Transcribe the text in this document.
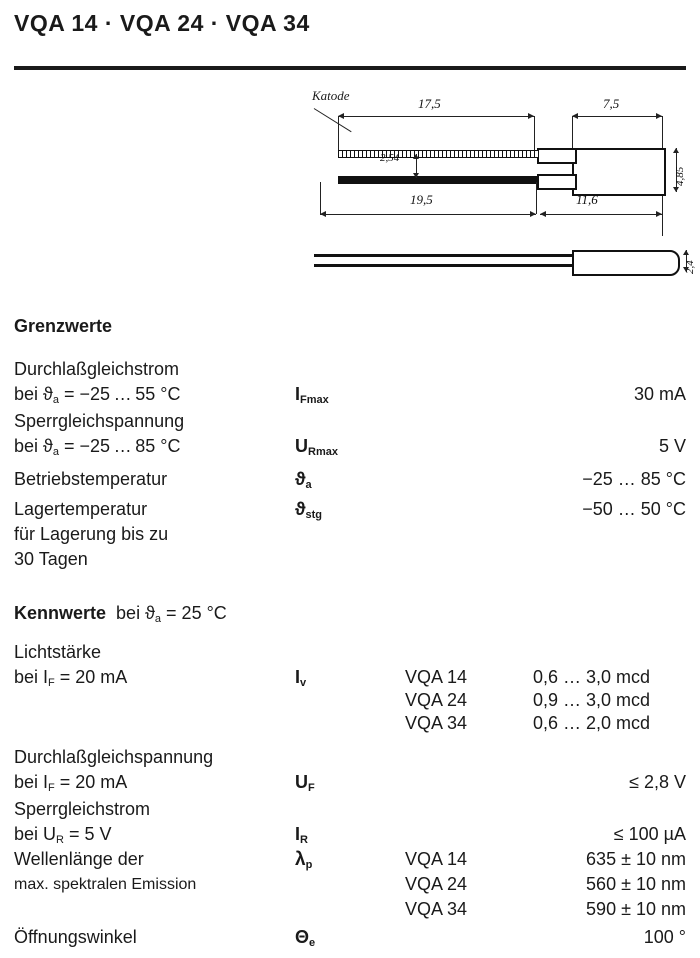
VQA 14 · VQA 24 · VQA 34
Katode
17,5	7,5
2,54
4,85
19,5	11,6
2,4
Grenzwerte
Durchlaßgleichstrom
bei $ϑ_a = -25$ … 55 °C	$I_{Fmax}$	30 mA
Sperrgleichspannung
bei $ϑ_a = -25$ … 85 °C	$U_{Rmax}$	5 V
Betriebstemperatur	$ϑ_a$	−25 … 85 °C
Lagertemperatur	$ϑ_{stg}$	−50 … 50 °C
für Lagerung bis zu
30 Tagen
Kennwerte  bei $ϑ_a = 25$ °C
Lichtstärke
bei $I_F = 20$ mA	$I_v$	VQA 14	0,6 … 3,0 mcd
VQA 24	0,9 … 3,0 mcd
VQA 34	0,6 … 2,0 mcd
Durchlaßgleichspannung
bei $I_F = 20$ mA	$U_F$	≤ 2,8 V
Sperrgleichstrom
bei $U_R = 5$ V	$I_R$	≤ 100 µA
Wellenlänge der
max. spektralen Emission
$\lambda_p$	VQA 14	635 ± 10 nm
VQA 24	560 ± 10 nm
VQA 34	590 ± 10 nm
Öffnungswinkel	$\Theta_e$	100 °
